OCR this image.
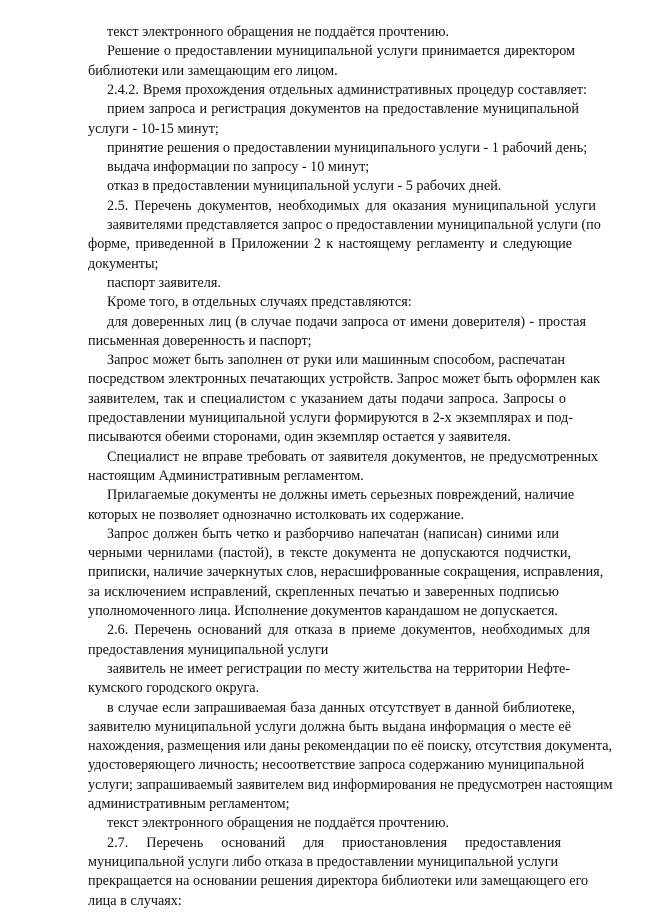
текст электронного обращения не поддаётся прочтению.
Решение о предоставлении муниципальной услуги принимается директором
библиотеки или замещающим его лицом.
2.4.2. Время прохождения отдельных административных процедур составляет:
прием запроса и регистрация документов на предоставление муниципальной
услуги - 10-15 минут;
принятие решения о предоставлении муниципального услуги - 1 рабочий день;
выдача информации по запросу - 10 минут;
отказ в предоставлении муниципальной услуги - 5 рабочих дней.
2.5. Перечень документов, необходимых для оказания муниципальной услуги
заявителями представляется запрос о предоставлении муниципальной услуги (по
форме, приведенной в Приложении 2 к настоящему регламенту и следующие
документы;
паспорт заявителя.
Кроме того, в отдельных случаях представляются:
для доверенных лиц (в случае подачи запроса от имени доверителя) - простая
письменная доверенность и паспорт;
Запрос может быть заполнен от руки или машинным способом, распечатан
посредством электронных печатающих устройств. Запрос может быть оформлен как
заявителем, так и специалистом с указанием даты подачи запроса. Запросы о
предоставлении муниципальной услуги формируются в 2-х экземплярах и под-
писываются обеими сторонами, один экземпляр остается у заявителя.
Специалист не вправе требовать от заявителя документов, не предусмотренных
настоящим Административным регламентом.
Прилагаемые документы не должны иметь серьезных повреждений, наличие
которых не позволяет однозначно истолковать их содержание.
Запрос должен быть четко и разборчиво напечатан (написан) синими или
черными чернилами (пастой), в тексте документа не допускаются подчистки,
приписки, наличие зачеркнутых слов, нерасшифрованные сокращения, исправления,
за исключением исправлений, скрепленных печатью и заверенных подписью
уполномоченного лица. Исполнение документов карандашом не допускается.
2.6. Перечень оснований для отказа в приеме документов, необходимых для
предоставления муниципальной услуги
заявитель не имеет регистрации по месту жительства на территории Нефте-
кумского городского округа.
в случае если запрашиваемая база данных отсутствует в данной библиотеке,
заявителю муниципальной услуги должна быть выдана информация о месте её
нахождения, размещения или даны рекомендации по её поиску, отсутствия документа,
удостоверяющего личность; несоответствие запроса содержанию муниципальной
услуги; запрашиваемый заявителем вид информирования не предусмотрен настоящим
административным регламентом;
текст электронного обращения не поддаётся прочтению.
2.7. Перечень оснований для приостановления предоставления
муниципальной услуги либо отказа в предоставлении муниципальной услуги
прекращается на основании решения директора библиотеки или замещающего его
лица в случаях:
